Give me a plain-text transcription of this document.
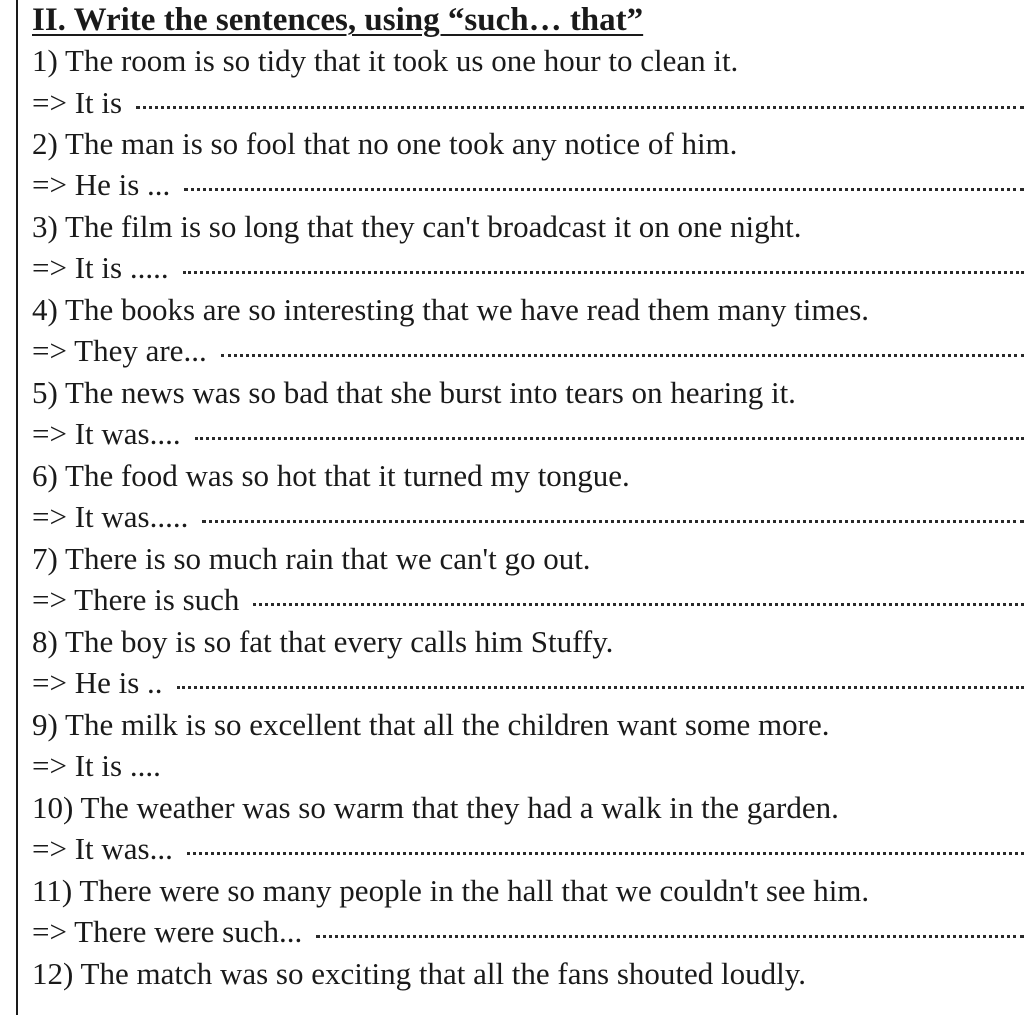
II. Write the sentences, using “such… that”
1) The room is so tidy that it took us one hour to clean it.
=> It is
2) The man is so fool that no one took any notice of him.
=> He is ...
3) The film is so long that they can't broadcast it on one night.
=> It is .....
4) The books are so interesting that we have read them many times.
=> They are...
5) The news was so bad that she burst into tears on hearing it.
=> It was....
6) The food was so hot that it turned my tongue.
=> It was.....
7) There is so much rain that we can't go out.
=> There is such
8) The boy is so fat that every calls him Stuffy.
=> He is ..
9) The milk is so excellent that all the children want some more.
=> It is ....
10) The weather was so warm that they had a walk in the garden.
=> It was...
11) There were so many people in the hall that we couldn't see him.
=> There were such...
12) The match was so exciting that all the fans shouted loudly.
